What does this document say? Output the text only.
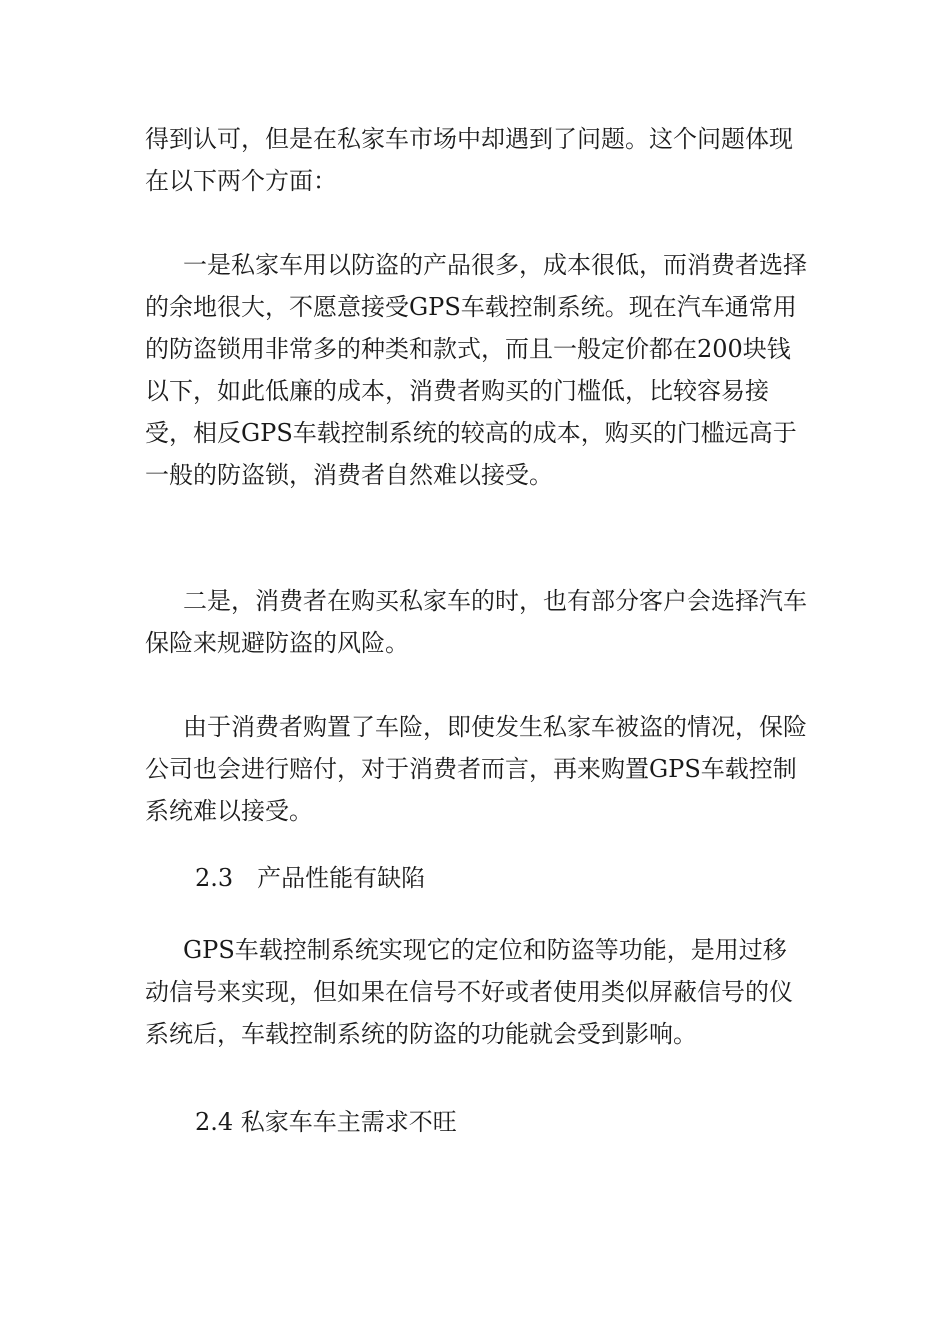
得到认可，但是在私家车市场中却遇到了问题。这个问题体现在以下两个方面：

一是私家车用以防盗的产品很多，成本很低，而消费者选择的余地很大，不愿意接受GPS车载控制系统。现在汽车通常用的防盗锁用非常多的种类和款式，而且一般定价都在200块钱以下，如此低廉的成本，消费者购买的门槛低，比较容易接受，相反GPS车载控制系统的较高的成本，购买的门槛远高于一般的防盗锁，消费者自然难以接受。

二是，消费者在购买私家车的时，也有部分客户会选择汽车保险来规避防盗的风险。

由于消费者购置了车险，即使发生私家车被盗的情况，保险公司也会进行赔付，对于消费者而言，再来购置GPS车载控制系统难以接受。

2.3　产品性能有缺陷

GPS车载控制系统实现它的定位和防盗等功能，是用过移动信号来实现，但如果在信号不好或者使用类似屏蔽信号的仪系统后，车载控制系统的防盗的功能就会受到影响。

2.4 私家车车主需求不旺
